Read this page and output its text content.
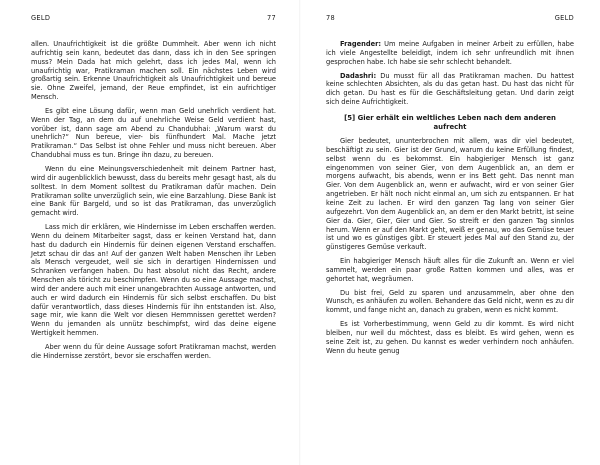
GELD	77

allen. Unaufrichtigkeit ist die größte Dummheit. Aber wenn ich nicht aufrichtig sein kann, bedeutet das dann, dass ich in den See springen muss? Mein Dada hat mich gelehrt, dass ich jedes Mal, wenn ich unaufrichtig war, Pratikraman machen soll. Ein nächstes Leben wird großartig sein. Erkenne Unaufrichtigkeit als Unaufrichtigkeit und bereue sie. Ohne Zweifel, jemand, der Reue empfindet, ist ein aufrichtiger Mensch.

Es gibt eine Lösung dafür, wenn man Geld unehrlich verdient hat. Wenn der Tag, an dem du auf unehrliche Weise Geld verdient hast, vorüber ist, dann sage am Abend zu Chandubhai: „Warum warst du unehrlich?“ Nun bereue, vier- bis fünfhundert Mal. Mache jetzt Pratikraman.“ Das Selbst ist ohne Fehler und muss nicht bereuen. Aber Chandubhai muss es tun. Bringe ihn dazu, zu bereuen.

Wenn du eine Meinungsverschiedenheit mit deinem Partner hast, wird dir augenblicklich bewusst, dass du bereits mehr gesagt hast, als du solltest. In dem Moment solltest du Pratikraman dafür machen. Dein Pratikraman sollte unverzüglich sein, wie eine Barzahlung. Diese Bank ist eine Bank für Bargeld, und so ist das Pratikraman, das unverzüglich gemacht wird.

Lass mich dir erklären, wie Hindernisse im Leben erschaffen werden. Wenn du deinem Mitarbeiter sagst, dass er keinen Verstand hat, dann hast du dadurch ein Hindernis für deinen eigenen Verstand erschaffen. Jetzt schau dir das an! Auf der ganzen Welt haben Menschen ihr Leben als Mensch vergeudet, weil sie sich in derartigen Hindernissen und Schranken verfangen haben. Du hast absolut nicht das Recht, andere Menschen als töricht zu beschimpfen. Wenn du so eine Aussage machst, wird der andere auch mit einer unangebrachten Aussage antworten, und auch er wird dadurch ein Hindernis für sich selbst erschaffen. Du bist dafür verantwortlich, dass dieses Hindernis für ihn entstanden ist. Also, sage mir, wie kann die Welt vor diesen Hemmnissen gerettet werden? Wenn du jemanden als unnütz beschimpfst, wird das deine eigene Wertigkeit hemmen.

Aber wenn du für deine Aussage sofort Pratikraman machst, werden die Hindernisse zerstört, bevor sie erschaffen werden.

78	GELD

Fragender: Um meine Aufgaben in meiner Arbeit zu erfüllen, habe ich viele Angestellte beleidigt, indem ich sehr unfreundlich mit ihnen gesprochen habe. Ich habe sie sehr schlecht behandelt.

Dadashri: Du musst für all das Pratikraman machen. Du hattest keine schlechten Absichten, als du das getan hast. Du hast das nicht für dich getan. Du hast es für die Geschäftsleitung getan. Und darin zeigt sich deine Aufrichtigkeit.

[5] Gier erhält ein weltliches Leben nach dem anderen aufrecht

Gier bedeutet, ununterbrochen mit allem, was dir viel bedeutet, beschäftigt zu sein. Gier ist der Grund, warum du keine Erfüllung findest, selbst wenn du es bekommst. Ein habgieriger Mensch ist ganz eingenommen von seiner Gier, von dem Augenblick an, an dem er morgens aufwacht, bis abends, wenn er ins Bett geht. Das nennt man Gier. Von dem Augenblick an, wenn er aufwacht, wird er von seiner Gier angetrieben. Er hält noch nicht einmal an, um sich zu entspannen. Er hat keine Zeit zu lachen. Er wird den ganzen Tag lang von seiner Gier aufgezehrt. Von dem Augenblick an, an dem er den Markt betritt, ist seine Gier da. Gier, Gier, Gier und Gier. So streift er den ganzen Tag sinnlos herum. Wenn er auf den Markt geht, weiß er genau, wo das Gemüse teuer ist und wo es günstiges gibt. Er steuert jedes Mal auf den Stand zu, der günstigeres Gemüse verkauft.

Ein habgieriger Mensch häuft alles für die Zukunft an. Wenn er viel sammelt, werden ein paar große Ratten kommen und alles, was er gehortet hat, wegräumen.

Du bist frei, Geld zu sparen und anzusammeln, aber ohne den Wunsch, es anhäufen zu wollen. Behandere das Geld nicht, wenn es zu dir kommt, und fange nicht an, danach zu graben, wenn es nicht kommt.

Es ist Vorherbestimmung, wenn Geld zu dir kommt. Es wird nicht bleiben, nur weil du möchtest, dass es bleibt. Es wird gehen, wenn es seine Zeit ist, zu gehen. Du kannst es weder verhindern noch anhäufen. Wenn du heute genug
